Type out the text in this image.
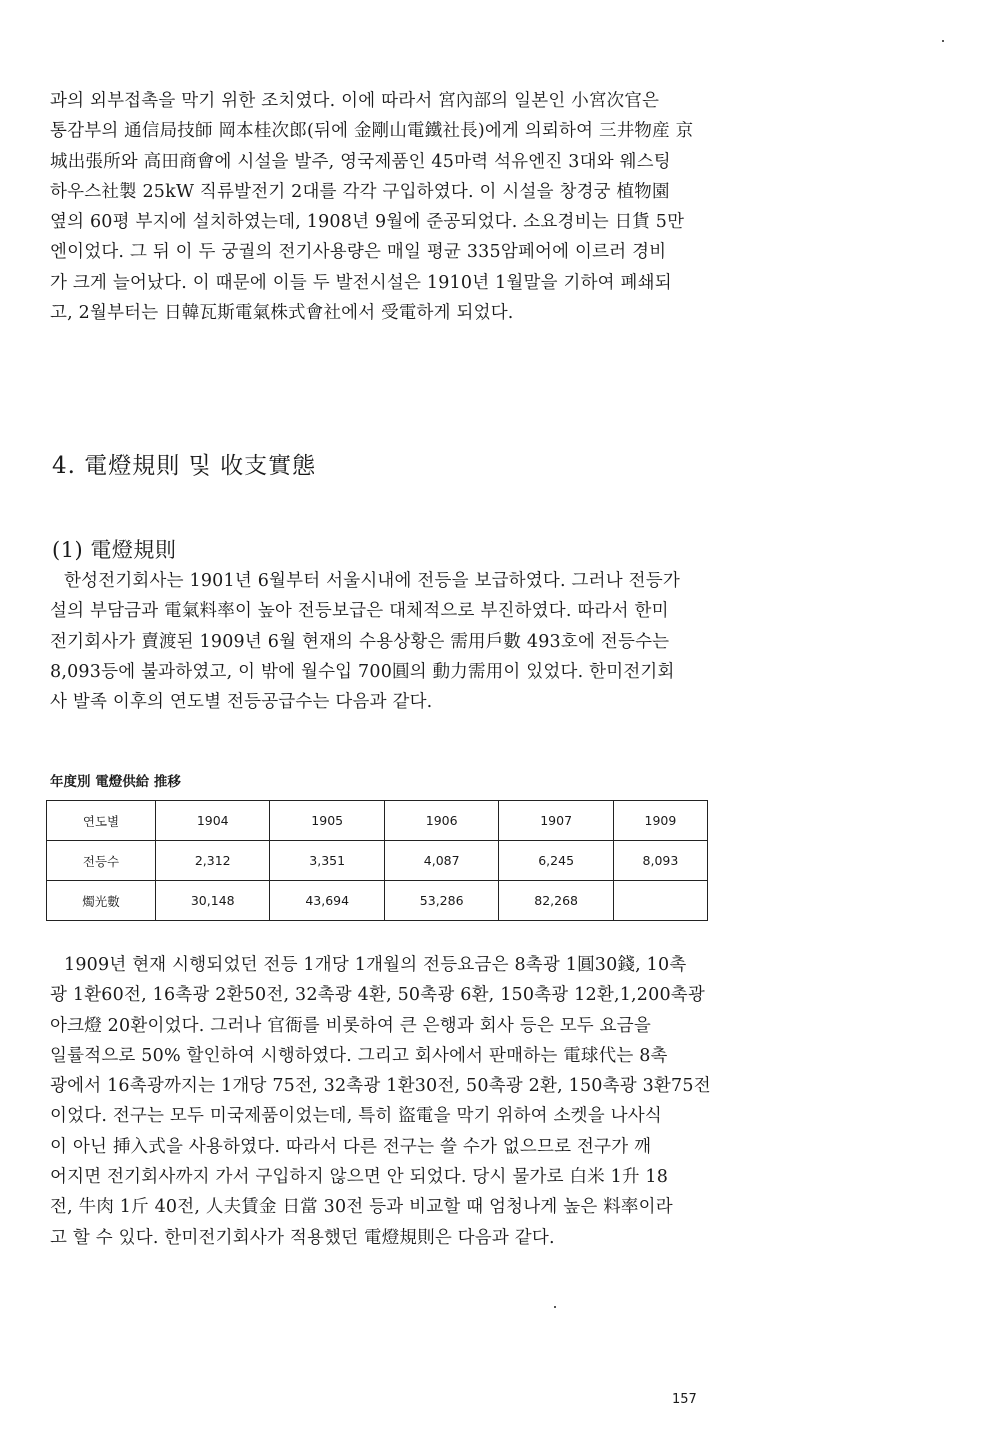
과의 외부접촉을 막기 위한 조치였다. 이에 따라서 宮內部의 일본인 小宮次官은
통감부의 通信局技師 岡本桂次郎(뒤에 金剛山電鐵社長)에게 의뢰하여 三井物産 京
城出張所와 高田商會에 시설을 발주, 영국제품인 45마력 석유엔진 3대와 웨스팅
하우스社製 25kW 직류발전기 2대를 각각 구입하였다. 이 시설을 창경궁 植物園
옆의 60평 부지에 설치하였는데, 1908년 9월에 준공되었다. 소요경비는 日貨 5만
엔이었다. 그 뒤 이 두 궁궐의 전기사용량은 매일 평균 335암페어에 이르러 경비
가 크게 늘어났다. 이 때문에 이들 두 발전시설은 1910년 1월말을 기하여 폐쇄되
고, 2월부터는 日韓瓦斯電氣株式會社에서 受電하게 되었다.
4. 電燈規則 및 收支實態
(1) 電燈規則
한성전기회사는 1901년 6월부터 서울시내에 전등을 보급하였다. 그러나 전등가
설의 부담금과 電氣料率이 높아 전등보급은 대체적으로 부진하였다. 따라서 한미
전기회사가 賣渡된 1909년 6월 현재의 수용상황은 需用戶數 493호에 전등수는
8,093등에 불과하였고, 이 밖에 월수입 700圓의 動力需用이 있었다. 한미전기회
사 발족 이후의 연도별 전등공급수는 다음과 같다.
年度別 電燈供給 推移
연도별	1904	1905	1906	1907	1909
전등수	2,312	3,351	4,087	6,245	8,093
燭光數	30,148	43,694	53,286	82,268	
1909년 현재 시행되었던 전등 1개당 1개월의 전등요금은 8촉광 1圓30錢, 10촉
광 1환60전, 16촉광 2환50전, 32촉광 4환, 50촉광 6환, 150촉광 12환,1,200촉광
아크燈 20환이었다. 그러나 官衙를 비롯하여 큰 은행과 회사 등은 모두 요금을
일률적으로 50% 할인하여 시행하였다. 그리고 회사에서 판매하는 電球代는 8촉
광에서 16촉광까지는 1개당 75전, 32촉광 1환30전, 50촉광 2환, 150촉광 3환75전
이었다. 전구는 모두 미국제품이었는데, 특히 盜電을 막기 위하여 소켓을 나사식
이 아닌 挿入式을 사용하였다. 따라서 다른 전구는 쓸 수가 없으므로 전구가 깨
어지면 전기회사까지 가서 구입하지 않으면 안 되었다. 당시 물가로 白米 1升 18
전, 牛肉 1斤 40전, 人夫賃金 日當 30전 등과 비교할 때 엄청나게 높은 料率이라
고 할 수 있다. 한미전기회사가 적용했던 電燈規則은 다음과 같다.
157
